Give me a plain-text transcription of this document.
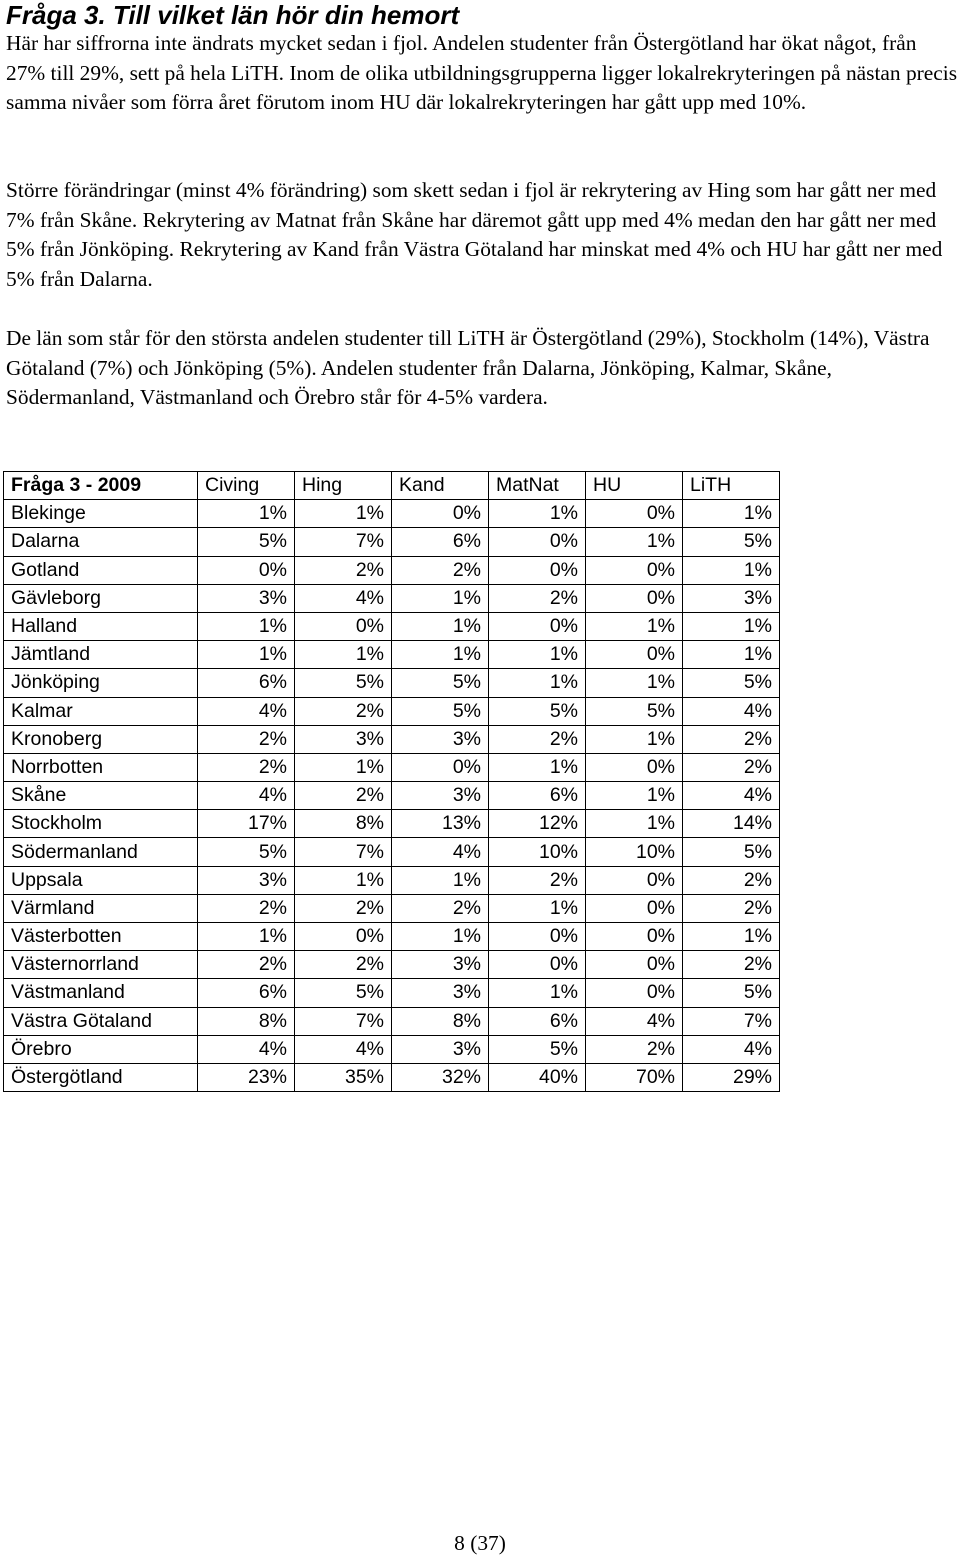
Fråga 3. Till vilket län hör din hemort
Här har siffrorna inte ändrats mycket sedan i fjol. Andelen studenter från Östergötland har ökat något, från 27% till 29%, sett på hela LiTH. Inom de olika utbildningsgrupperna ligger lokalrekryteringen på nästan precis samma nivåer som förra året förutom inom HU där lokalrekryteringen har gått upp med 10%.
Större förändringar (minst 4% förändring) som skett sedan i fjol är rekrytering av Hing som har gått ner med 7% från Skåne. Rekrytering av Matnat från Skåne har däremot gått upp med 4% medan den har gått ner med 5% från Jönköping. Rekrytering av Kand från Västra Götaland har minskat med 4% och HU har gått ner med 5% från Dalarna.
De län som står för den största andelen studenter till LiTH är Östergötland (29%), Stockholm (14%), Västra Götaland (7%) och Jönköping (5%). Andelen studenter från Dalarna, Jönköping, Kalmar, Skåne, Södermanland, Västmanland och Örebro står för 4-5% vardera.
Fråga 3 - 2009	Civing	Hing	Kand	MatNat	HU	LiTH
Blekinge	1%	1%	0%	1%	0%	1%
Dalarna	5%	7%	6%	0%	1%	5%
Gotland	0%	2%	2%	0%	0%	1%
Gävleborg	3%	4%	1%	2%	0%	3%
Halland	1%	0%	1%	0%	1%	1%
Jämtland	1%	1%	1%	1%	0%	1%
Jönköping	6%	5%	5%	1%	1%	5%
Kalmar	4%	2%	5%	5%	5%	4%
Kronoberg	2%	3%	3%	2%	1%	2%
Norrbotten	2%	1%	0%	1%	0%	2%
Skåne	4%	2%	3%	6%	1%	4%
Stockholm	17%	8%	13%	12%	1%	14%
Södermanland	5%	7%	4%	10%	10%	5%
Uppsala	3%	1%	1%	2%	0%	2%
Värmland	2%	2%	2%	1%	0%	2%
Västerbotten	1%	0%	1%	0%	0%	1%
Västernorrland	2%	2%	3%	0%	0%	2%
Västmanland	6%	5%	3%	1%	0%	5%
Västra Götaland	8%	7%	8%	6%	4%	7%
Örebro	4%	4%	3%	5%	2%	4%
Östergötland	23%	35%	32%	40%	70%	29%
8 (37)
